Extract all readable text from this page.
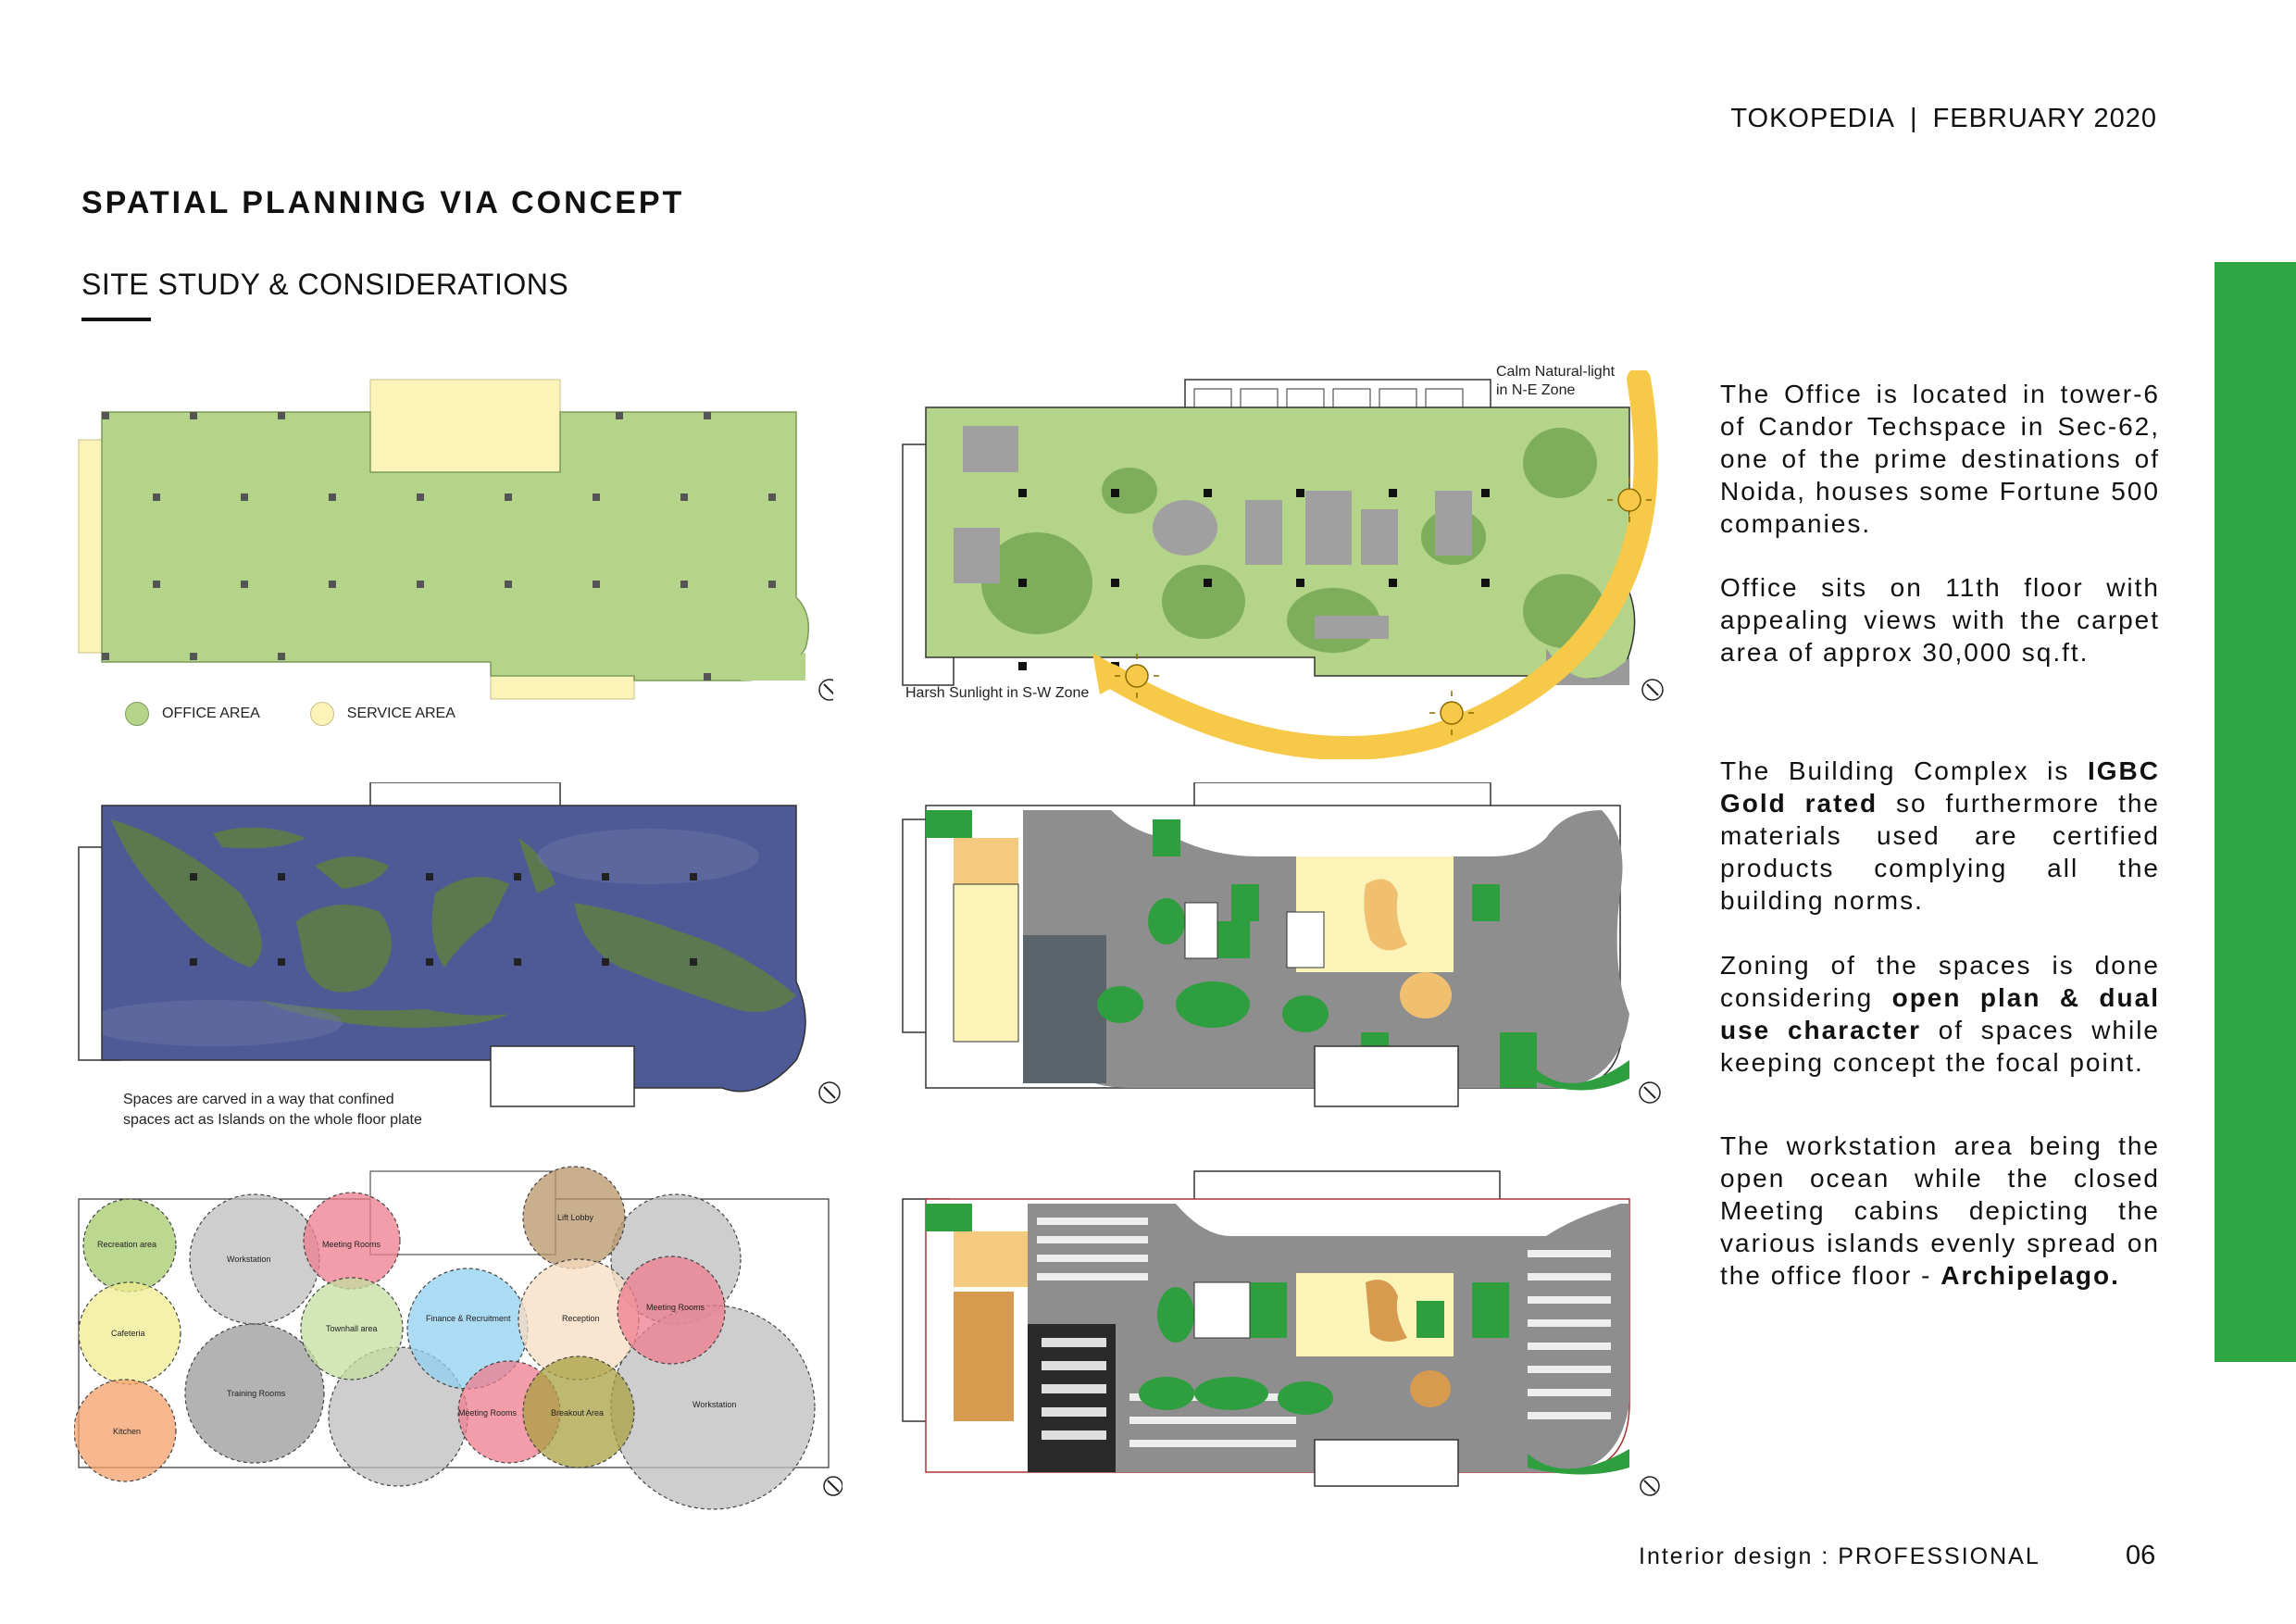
TOKOPEDIA | FEBRUARY 2020
SPATIAL PLANNING VIA CONCEPT
SITE STUDY & CONSIDERATIONS
OFFICE AREA	SERVICE AREA
Calm Natural-light
in N-E Zone
Harsh Sunlight in S-W Zone
Spaces are carved in a way that confined
spaces act as Islands on the whole floor plate
Recreation area
Workstation
Meeting Rooms
Lift Lobby
Cafeteria	Townhall area
Finance & Recruitment	Reception
Meeting Rooms
Kitchen
Training Rooms
Meeting Rooms	Breakout Area
Workstation
The Office is located in tower-6 of Candor Techspace in Sec-62, one of the prime destinations of Noida, houses some Fortune 500 companies.
Office sits on 11th floor with appealing views with the carpet area of approx 30,000 sq.ft.
The Building Complex is IGBC Gold rated so furthermore the materials used are certified products complying all the building norms.
Zoning of the spaces is done considering open plan & dual use character of spaces while keeping concept the focal point.
The workstation area being the open ocean while the closed Meeting cabins depicting the various islands evenly spread on the office floor - Archipelago.
Interior design : PROFESSIONAL	06
